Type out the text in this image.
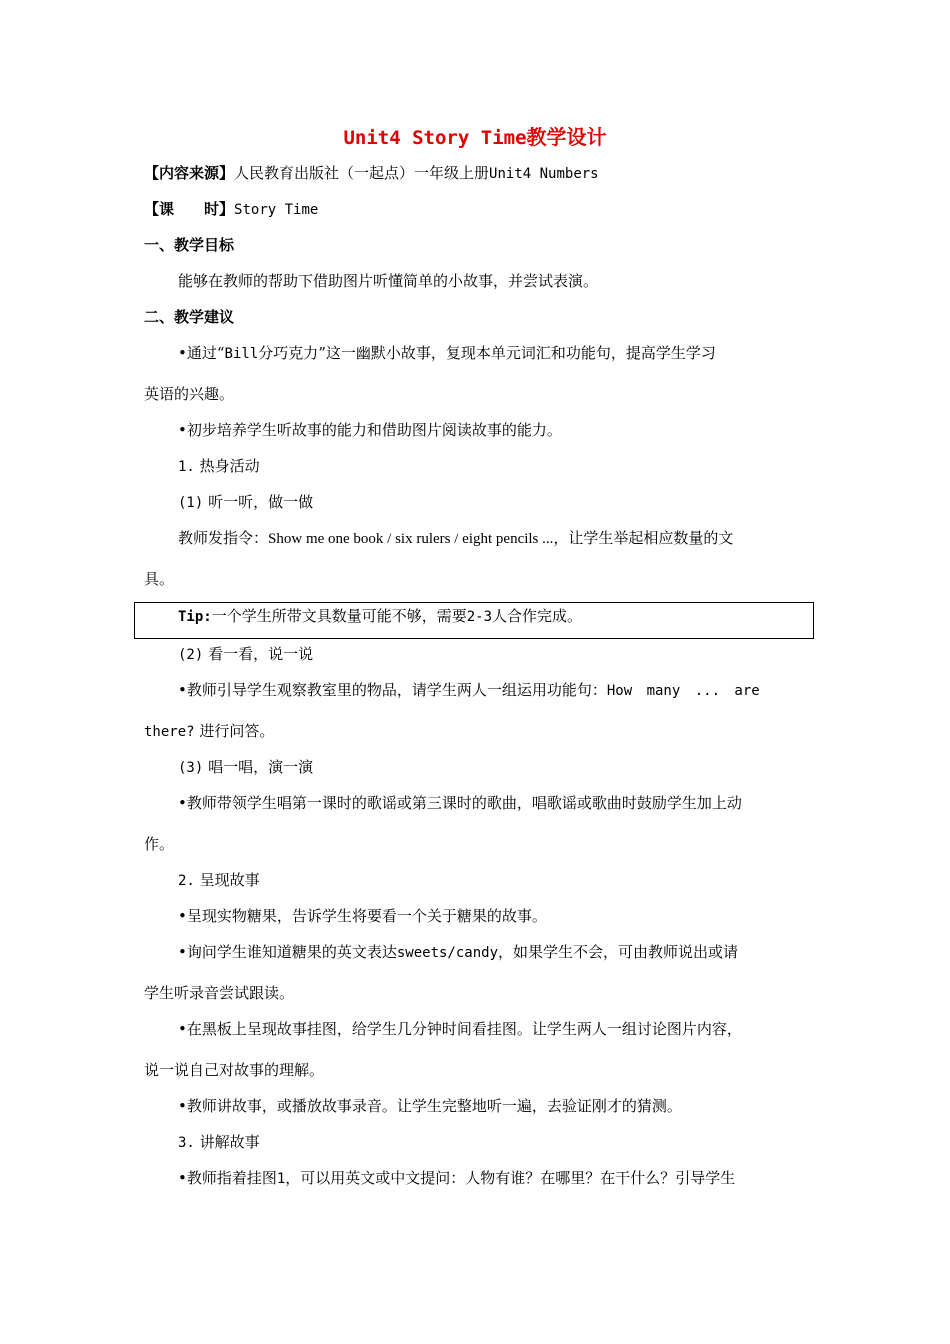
Unit4 Story Time教学设计
【内容来源】人民教育出版社（一起点）一年级上册Unit4 Numbers
【课 时】Story Time
一、教学目标
能够在教师的帮助下借助图片听懂简单的小故事，并尝试表演。
二、教学建议
•通过“Bill分巧克力”这一幽默小故事，复现本单元词汇和功能句，提高学生学习
英语的兴趣。
•初步培养学生听故事的能力和借助图片阅读故事的能力。
1. 热身活动
(1) 听一听，做一做
教师发指令：Show me one book / six rulers / eight pencils ...，让学生举起相应数量的文
具。
Tip:一个学生所带文具数量可能不够，需要2-3人合作完成。
(2) 看一看，说一说
•教师引导学生观察教室里的物品，请学生两人一组运用功能句：How many ... are
there? 进行问答。
(3) 唱一唱，演一演
•教师带领学生唱第一课时的歌谣或第三课时的歌曲，唱歌谣或歌曲时鼓励学生加上动
作。
2. 呈现故事
•呈现实物糖果，告诉学生将要看一个关于糖果的故事。
•询问学生谁知道糖果的英文表达sweets/candy，如果学生不会，可由教师说出或请
学生听录音尝试跟读。
•在黑板上呈现故事挂图，给学生几分钟时间看挂图。让学生两人一组讨论图片内容，
说一说自己对故事的理解。
•教师讲故事，或播放故事录音。让学生完整地听一遍，去验证刚才的猜测。
3. 讲解故事
•教师指着挂图1，可以用英文或中文提问：人物有谁？在哪里？在干什么？引导学生
